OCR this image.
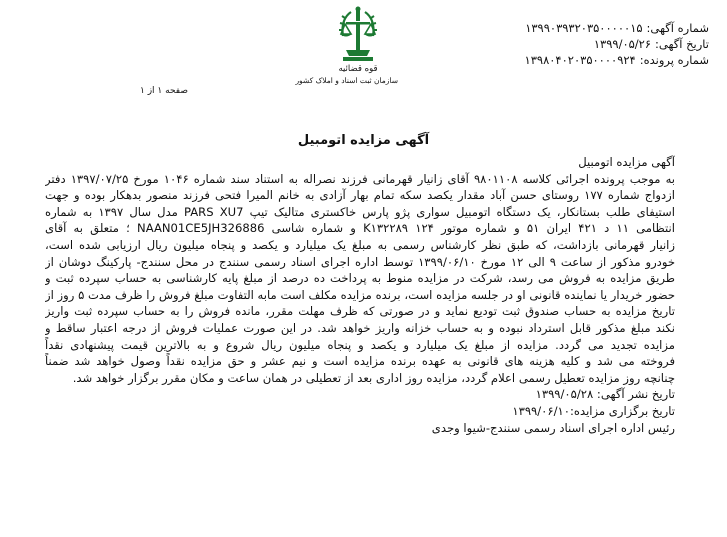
شماره آگهی:۱۳۹۹۰۳۹۳۲۰۳۵۰۰۰۰۰۱۵
تاریخ آگهی:۱۳۹۹/۰۵/۲۶
شماره پرونده:۱۳۹۸۰۴۰۲۰۳۵۰۰۰۰۹۲۴
قوه قضائیه
سازمان ثبت اسناد و املاک کشور
صفحه ۱ از ۱
آگهی مزایده اتومبیل
آگهی مزایده اتومبیل
به موجب پرونده اجرائی کلاسه ۹۸۰۱۱۰۸ آقای زانیار قهرمانی فرزند نصراله به استناد سند شماره ۱۰۴۶ مورخ ۱۳۹۷/۰۷/۲۵ دفتر
ازدواج شماره ۱۷۷ روستای حسن آباد مقدار یکصد سکه تمام بهار آزادی به خانم المیرا فتحی فرزند منصور بدهکار بوده و جهت
استیفای طلب بستانکار، یک دستگاه اتومبیل سواری پژو پارس خاکستری متالیک تیپ PARS XU7 مدل سال ۱۳۹۷ به شماره
انتظامی ۱۱ د ۴۲۱ ایران ۵۱ و شماره موتور ۱۲۴ K۱۳۲۲۸۹ و شماره شاسی NAAN01CE5JH326886 ؛ متعلق به آقای
زانیار قهرمانی بازداشت، که طبق نظر کارشناس رسمی به مبلغ یک میلیارد و یکصد و پنجاه میلیون ریال ارزیابی شده است،
خودرو مذکور از ساعت ۹ الی ۱۲ مورخ ۱۳۹۹/۰۶/۱۰ توسط اداره اجرای اسناد رسمی سنندج در محل سنندج- پارکینگ دوشان از
طریق مزایده به فروش می رسد، شرکت در مزایده منوط به پرداخت ده درصد از مبلغ پایه کارشناسی به حساب سپرده ثبت و
حضور خریدار یا نماینده قانونی او در جلسه مزایده است، برنده مزایده مکلف است مابه التفاوت مبلغ فروش را ظرف مدت ۵ روز از
تاریخ مزایده به حساب صندوق ثبت تودیع نماید و در صورتی که ظرف مهلت مقرر، مانده فروش را به حساب سپرده ثبت واریز
نکند مبلغ مذکور قابل استرداد نبوده و به حساب خزانه واریز خواهد شد. در این صورت عملیات فروش از درجه اعتبار ساقط و
مزایده تجدید می گردد. مزایده از مبلغ یک میلیارد و یکصد و پنجاه میلیون ریال شروع و به بالاترین قیمت پیشنهادی نقداً
فروخته می شد و کلیه هزینه های قانونی به عهده برنده مزایده است و نیم عشر و حق مزایده نقداً وصول خواهد شد ضمناً
چنانچه روز مزایده تعطیل رسمی اعلام گردد، مزایده روز اداری بعد از تعطیلی در همان ساعت و مکان مقرر برگزار خواهد شد.
تاریخ نشر آگهی: ۱۳۹۹/۰۵/۲۸
تاریخ برگزاری مزایده:۱۳۹۹/۰۶/۱۰
رئیس اداره اجرای اسناد رسمی سنندج-شیوا وجدی
